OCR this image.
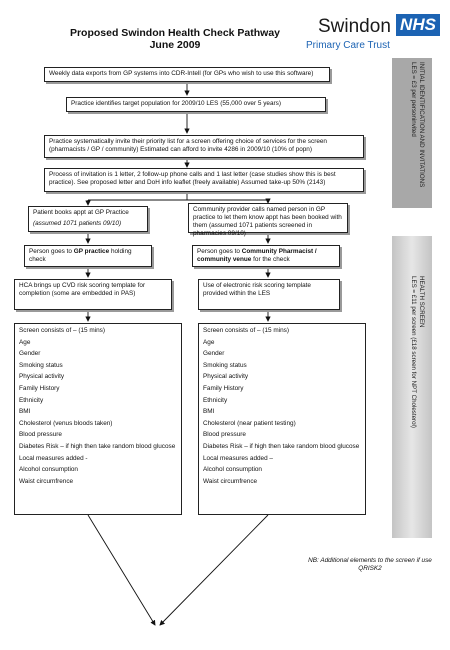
Proposed Swindon Health Check Pathway
June 2009
Swindon NHS
Primary Care Trust
Weekly data exports from GP systems into CDR-Intell (for GPs who wish to use this software)
Practice identifies target population for 2009/10 LES (55,000 over 5 years)
Practice systematically invite their priority list for a screen offering choice of services for the screen (pharmacists / GP / community) Estimated can afford to invite 4286 in 2009/10 (10% of popn)
Process of invitation is 1 letter, 2 follow-up phone calls and 1 last letter (case studies show this is best practice). See proposed letter and DoH info leaflet (freely available) Assumed take-up 50% (2143)
Patient books appt at GP Practice
(assumed 1071 patients 09/10)
Community provider calls named person in GP practice to let them know appt has been booked with them (assumed 1071 patients screened in pharmacies 09/10)
Person goes to GP practice holding check
Person goes to Community Pharmacist / community venue for the check
HCA brings up CVD risk scoring template for completion (some are embedded in PAS)
Use of electronic risk scoring template provided within the LES
Screen consists of – (15 mins)
Age
Gender
Smoking status
Physical activity
Family History
Ethnicity
BMI
Cholesterol (venus bloods taken)
Blood pressure
Diabetes Risk – if high then take random blood glucose
Local measures added -
Alcohol consumption
Waist circumfrence
Screen consists of – (15 mins)
Age
Gender
Smoking status
Physical activity
Family History
Ethnicity
BMI
Cholesterol (near patient testing)
Blood pressure
Diabetes Risk – if high then take random blood glucose
Local measures added –
Alcohol consumption
Waist circumfrence
INITIAL IDENTIFICATION AND INVITATIONS
LES = £3 per personinvited
HEALTH SCREEN
LES = £11 per screen (£18 screen for NPT Cholesterol)
NB: Additional elements to the screen if use QRISK2
